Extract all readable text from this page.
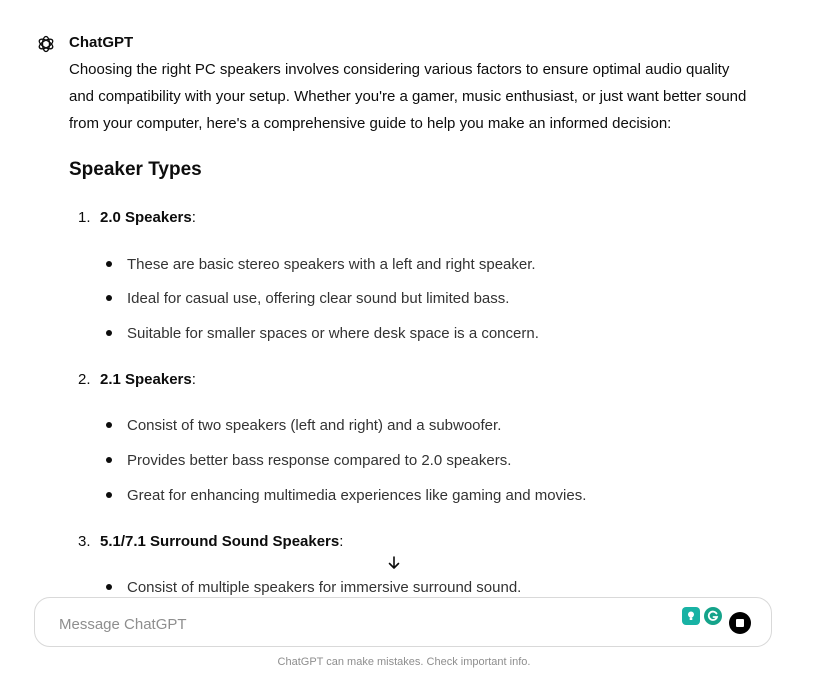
ChatGPT

Choosing the right PC speakers involves considering various factors to ensure optimal audio quality

and compatibility with your setup. Whether you're a gamer, music enthusiast, or just want better sound

from your computer, here's a comprehensive guide to help you make an informed decision:

Speaker Types
1. 2.0 Speakers:
These are basic stereo speakers with a left and right speaker.
Ideal for casual use, offering clear sound but limited bass.
Suitable for smaller spaces or where desk space is a concern.
2. 2.1 Speakers:
Consist of two speakers (left and right) and a subwoofer.
Provides better bass response compared to 2.0 speakers.
Great for enhancing multimedia experiences like gaming and movies.
3. 5.1/7.1 Surround Sound Speakers:
Consist of multiple speakers for immersive surround sound.
Message ChatGPT
ChatGPT can make mistakes. Check important info.
